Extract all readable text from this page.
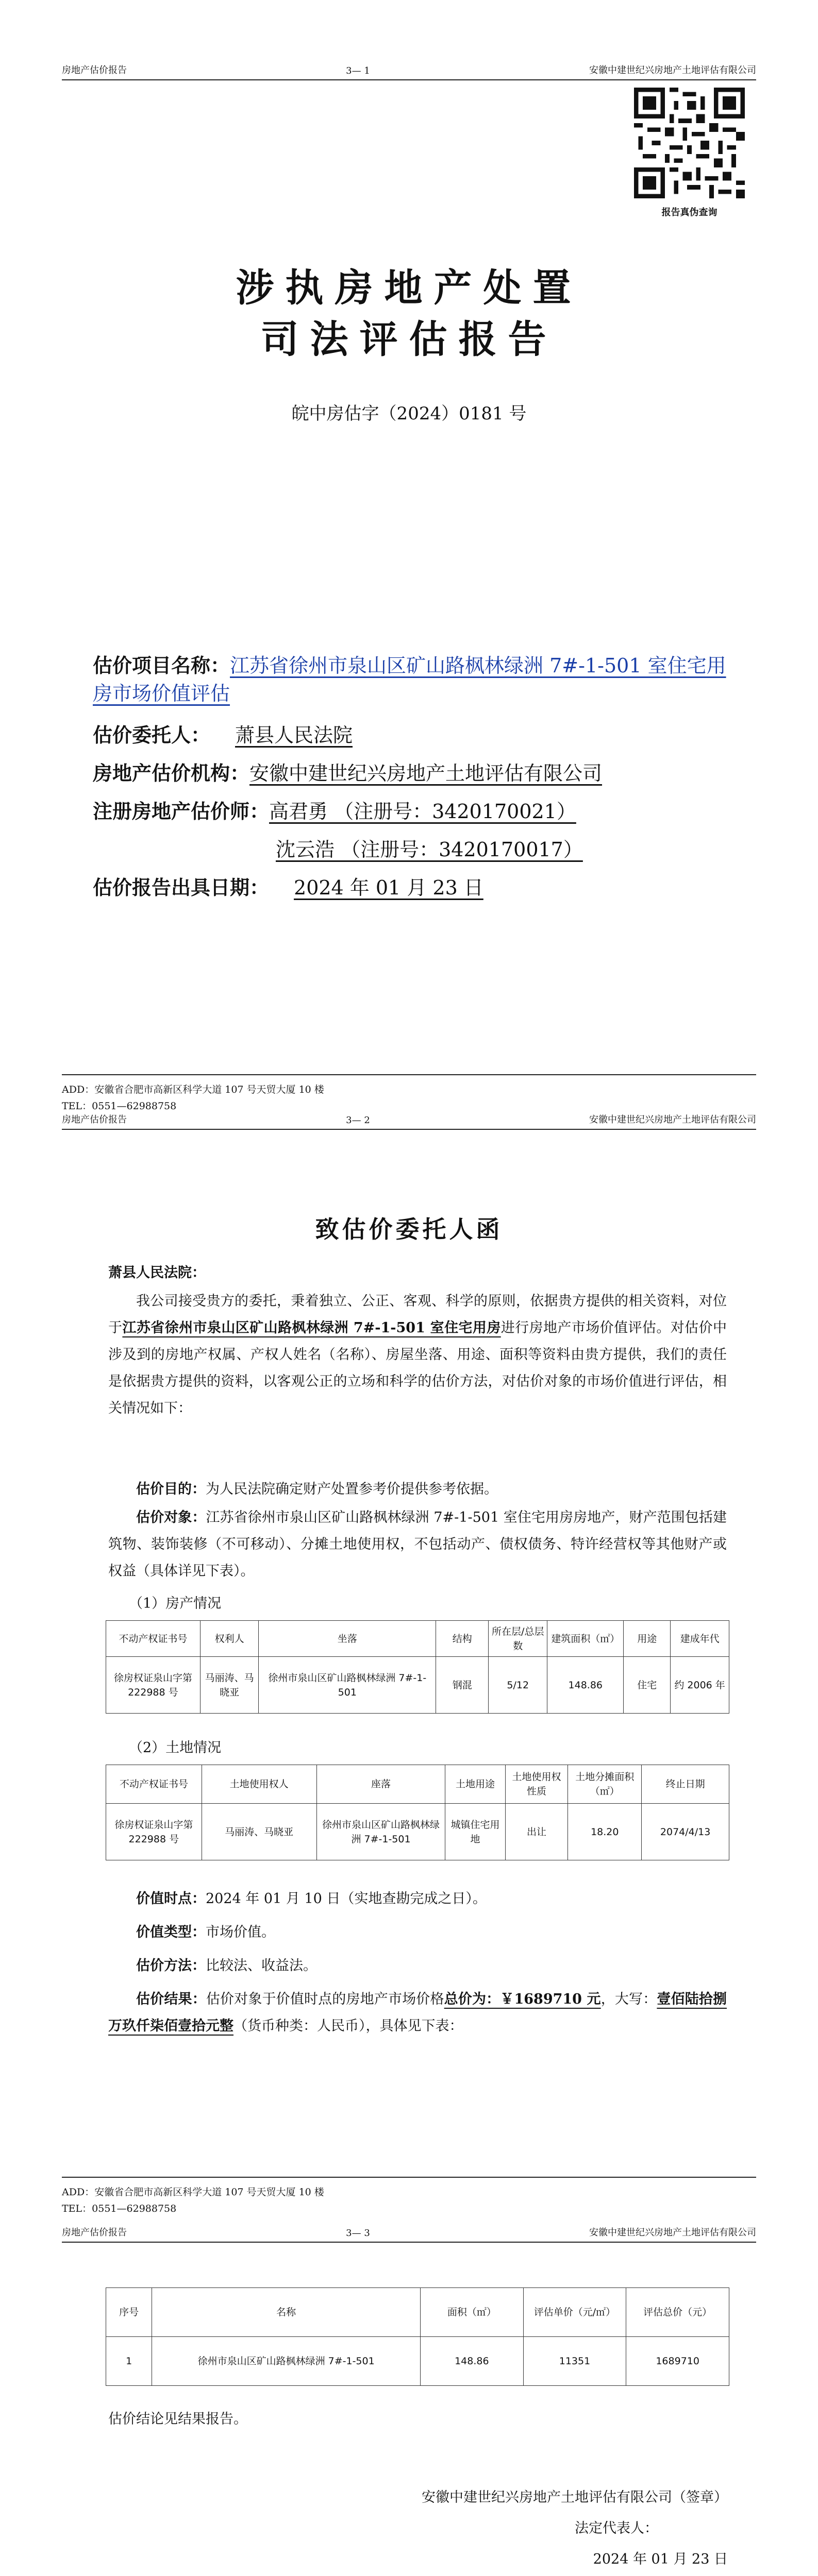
房地产估价报告	3— 1	安徽中建世纪兴房地产土地评估有限公司
报告真伪查询
涉执房地产处置
司法评估报告
皖中房估字（2024）0181 号
估价项目名称：江苏省徐州市泉山区矿山路枫林绿洲 7#-1-501 室住宅用房市场价值评估
估价委托人： 萧县人民法院
房地产估价机构：安徽中建世纪兴房地产土地评估有限公司
注册房地产估价师：高君勇 （注册号：3420170021）
沈云浩 （注册号：3420170017）
估价报告出具日期： 2024 年 01 月 23 日
ADD：安徽省合肥市高新区科学大道 107 号天贸大厦 10 楼
TEL：0551—62988758
房地产估价报告	3— 2	安徽中建世纪兴房地产土地评估有限公司
致估价委托人函
萧县人民法院：
我公司接受贵方的委托，秉着独立、公正、客观、科学的原则，依据贵方提供的相关资料，对位于江苏省徐州市泉山区矿山路枫林绿洲 7#-1-501 室住宅用房进行房地产市场价值评估。对估价中涉及到的房地产权属、产权人姓名（名称）、房屋坐落、用途、面积等资料由贵方提供，我们的责任是依据贵方提供的资料，以客观公正的立场和科学的估价方法，对估价对象的市场价值进行评估，相关情况如下：
估价目的：为人民法院确定财产处置参考价提供参考依据。
估价对象：江苏省徐州市泉山区矿山路枫林绿洲 7#-1-501 室住宅用房房地产，财产范围包括建筑物、装饰装修（不可移动）、分摊土地使用权，不包括动产、债权债务、特许经营权等其他财产或权益（具体详见下表）。
（1）房产情况
不动产权证书号	权利人	坐落	结构	所在层/总层数	建筑面积（㎡）	用途	建成年代
徐房权证泉山字第 222988 号	马丽涛、马晓亚	徐州市泉山区矿山路枫林绿洲 7#-1-501	钢混	5/12	148.86	住宅	约 2006 年
（2）土地情况
不动产权证书号	土地使用权人	座落	土地用途	土地使用权性质	土地分摊面积（㎡）	终止日期
徐房权证泉山字第 222988 号	马丽涛、马晓亚	徐州市泉山区矿山路枫林绿洲 7#-1-501	城镇住宅用地	出让	18.20	2074/4/13
价值时点：2024 年 01 月 10 日（实地查勘完成之日）。
价值类型：市场价值。
估价方法：比较法、收益法。
估价结果：估价对象于价值时点的房地产市场价格总价为：￥1689710 元，大写：壹佰陆拾捌万玖仟柒佰壹拾元整（货币种类：人民币），具体见下表：
ADD：安徽省合肥市高新区科学大道 107 号天贸大厦 10 楼
TEL：0551—62988758
房地产估价报告	3— 3	安徽中建世纪兴房地产土地评估有限公司
序号	名称	面积（㎡）	评估单价（元/㎡）	评估总价（元）
1	徐州市泉山区矿山路枫林绿洲 7#-1-501	148.86	11351	1689710
估价结论见结果报告。
安徽中建世纪兴房地产土地评估有限公司（签章）
法定代表人：
2024 年 01 月 23 日
